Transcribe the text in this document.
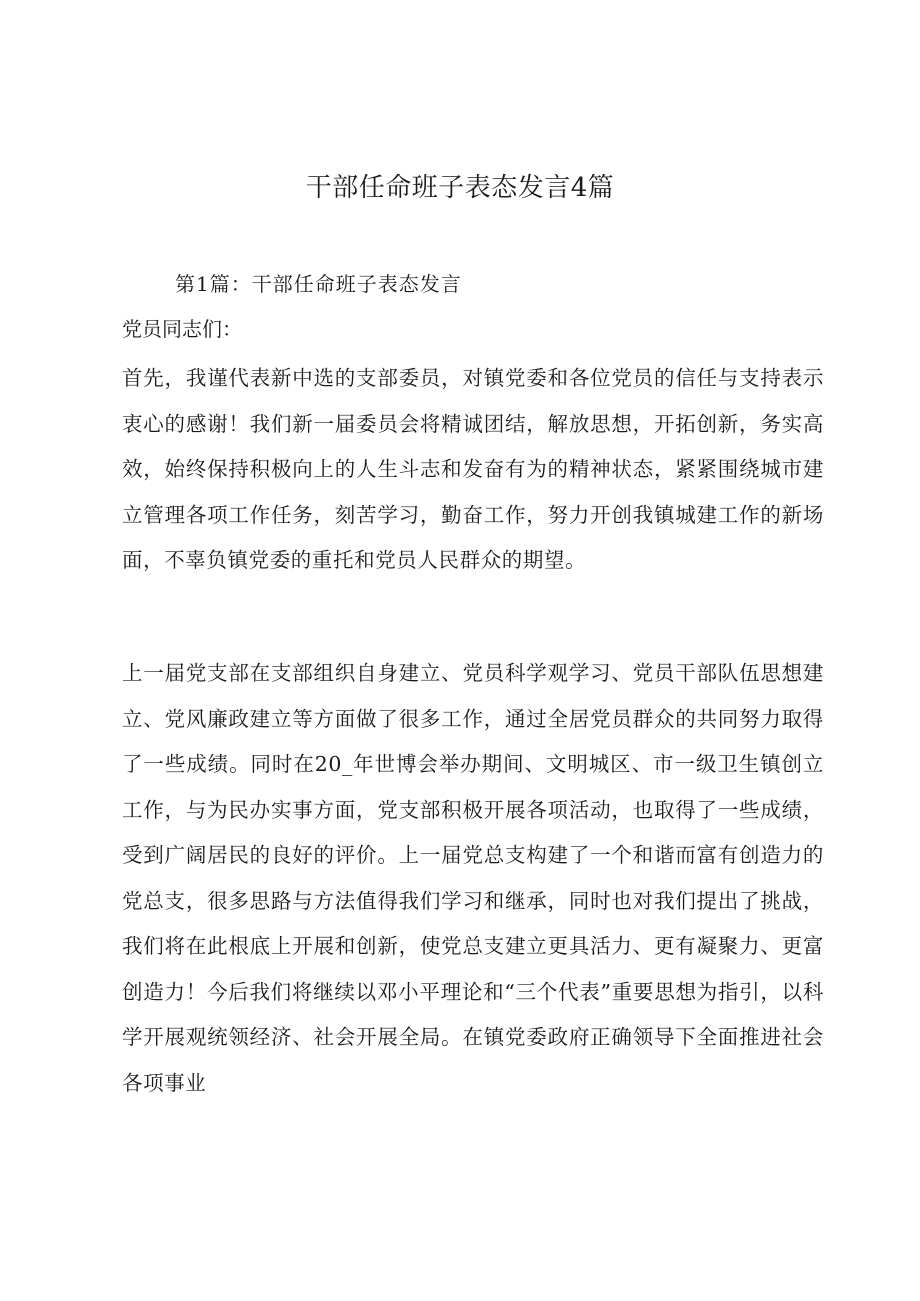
干部任命班子表态发言4篇
第1篇：干部任命班子表态发言

党员同志们：

首先，我谨代表新中选的支部委员，对镇党委和各位党员的信任与支持表示衷心的感谢！我们新一届委员会将精诚团结，解放思想，开拓创新，务实高效，始终保持积极向上的人生斗志和发奋有为的精神状态，紧紧围绕城市建立管理各项工作任务，刻苦学习，勤奋工作，努力开创我镇城建工作的新场面，不辜负镇党委的重托和党员人民群众的期望。

上一届党支部在支部组织自身建立、党员科学观学习、党员干部队伍思想建立、党风廉政建立等方面做了很多工作，通过全居党员群众的共同努力取得了一些成绩。同时在20_年世博会举办期间、文明城区、市一级卫生镇创立工作，与为民办实事方面，党支部积极开展各项活动，也取得了一些成绩，受到广阔居民的良好的评价。上一届党总支构建了一个和谐而富有创造力的党总支，很多思路与方法值得我们学习和继承，同时也对我们提出了挑战，我们将在此根底上开展和创新，使党总支建立更具活力、更有凝聚力、更富创造力！今后我们将继续以邓小平理论和“三个代表”重要思想为指引，以科学开展观统领经济、社会开展全局。在镇党委政府正确领导下全面推进社会各项事业
